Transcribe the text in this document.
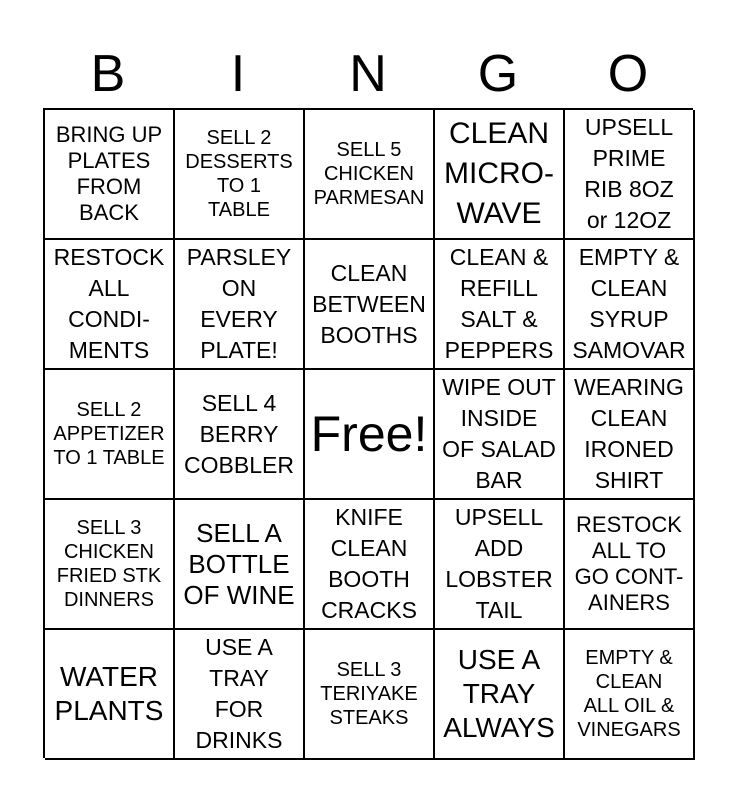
B	I	N	G	O
BRING UP
PLATES
FROM
BACK
SELL 2
DESSERTS
TO 1
TABLE
SELL 5
CHICKEN
PARMESAN
CLEAN
MICRO-
WAVE
UPSELL
PRIME
RIB 8OZ
or 12OZ
RESTOCK
ALL
CONDI-
MENTS
PARSLEY
ON
EVERY
PLATE!
CLEAN
BETWEEN
BOOTHS
CLEAN &
REFILL
SALT &
PEPPERS
EMPTY &
CLEAN
SYRUP
SAMOVAR
SELL 2
APPETIZER
TO 1 TABLE
SELL 4
BERRY
COBBLER
Free!
WIPE OUT
INSIDE
OF SALAD
BAR
WEARING
CLEAN
IRONED
SHIRT
SELL 3
CHICKEN
FRIED STK
DINNERS
SELL A
BOTTLE
OF WINE
KNIFE
CLEAN
BOOTH
CRACKS
UPSELL
ADD
LOBSTER
TAIL
RESTOCK
ALL TO
GO CONT-
AINERS
WATER
PLANTS
USE A
TRAY
FOR
DRINKS
SELL 3
TERIYAKE
STEAKS
USE A
TRAY
ALWAYS
EMPTY &
CLEAN
ALL OIL &
VINEGARS
